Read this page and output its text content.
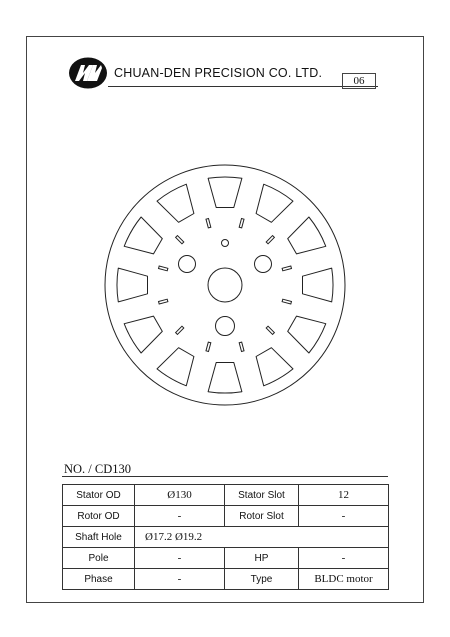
CHUAN-DEN PRECISION CO. LTD.
06
NO. / CD130
Stator OD	Ø130	Stator Slot	12
Rotor OD	-	Rotor Slot	-
Shaft Hole	Ø17.2 Ø19.2		
Pole	-	HP	-
Phase	-	Type	BLDC motor
